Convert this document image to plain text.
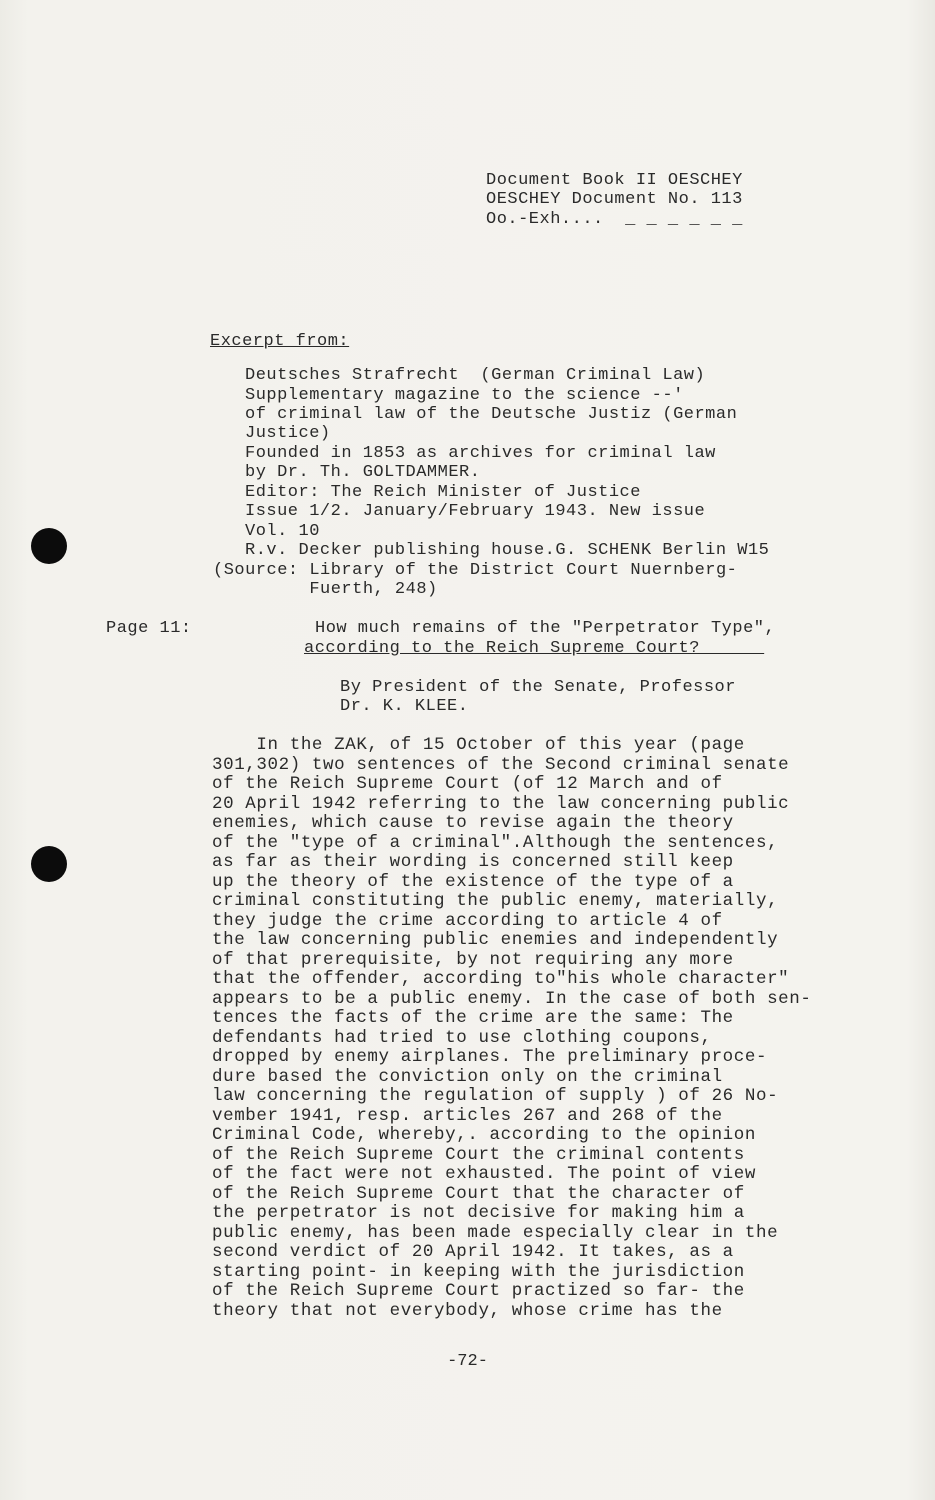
Document Book II OESCHEY
OESCHEY Document No. 113
Oo.-Exh....  _ _ _ _ _ _
Excerpt from:
Deutsches Strafrecht  (German Criminal Law)
Supplementary magazine to the science --'
of criminal law of the Deutsche Justiz (German
Justice)
Founded in 1853 as archives for criminal law
by Dr. Th. GOLTDAMMER.
Editor: The Reich Minister of Justice
Issue 1/2. January/February 1943. New issue
Vol. 10
R.v. Decker publishing house.G. SCHENK Berlin W15
(Source: Library of the District Court Nuernberg-
Fuerth, 248)
Page 11:	How much remains of the "Perpetrator Type",
according to the Reich Supreme Court? _ _ _
By President of the Senate, Professor
Dr. K. KLEE.
In the ZAK, of 15 October of this year (page
301,302) two sentences of the Second criminal senate
of the Reich Supreme Court (of 12 March and of
20 April 1942 referring to the law concerning public
enemies, which cause to revise again the theory
of the "type of a criminal".Although the sentences,
as far as their wording is concerned still keep
up the theory of the existence of the type of a
criminal constituting the public enemy, materially,
they judge the crime according to article 4 of
the law concerning public enemies and independently
of that prerequisite, by not requiring any more
that the offender, according to"his whole character"
appears to be a public enemy. In the case of both sen-
tences the facts of the crime are the same: The
defendants had tried to use clothing coupons,
dropped by enemy airplanes. The preliminary proce-
dure based the conviction only on the criminal
law concerning the regulation of supply ) of 26 No-
vember 1941, resp. articles 267 and 268 of the
Criminal Code, whereby,. according to the opinion
of the Reich Supreme Court the criminal contents
of the fact were not exhausted. The point of view
of the Reich Supreme Court that the character of
the perpetrator is not decisive for making him a
public enemy, has been made especially clear in the
second verdict of 20 April 1942. It takes, as a
starting point- in keeping with the jurisdiction
of the Reich Supreme Court practized so far- the
theory that not everybody, whose crime has the
-72-
